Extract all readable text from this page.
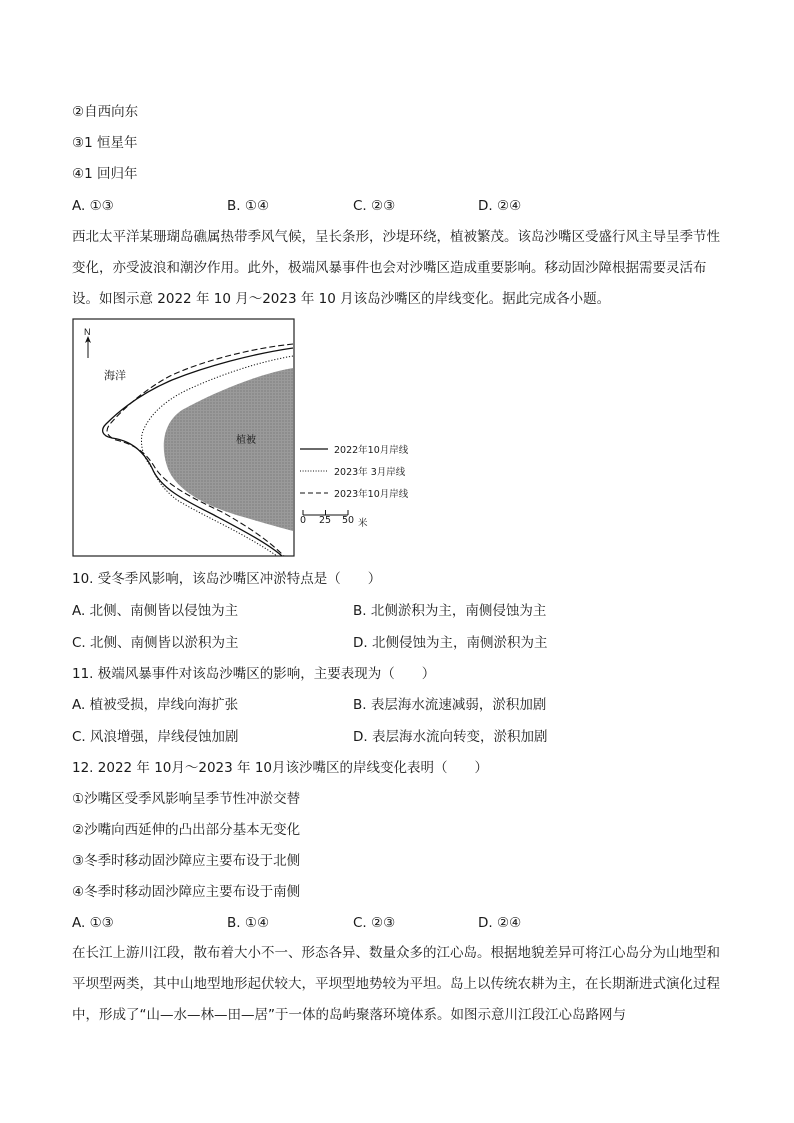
②自西向东
③1 恒星年
④1 回归年
A. ①③	B. ①④	C. ②③	D. ②④
西北太平洋某珊瑚岛礁属热带季风气候，呈长条形，沙堤环绕，植被繁茂。该岛沙嘴区受盛行风主导呈季节性变化，亦受波浪和潮汐作用。此外，极端风暴事件也会对沙嘴区造成重要影响。移动固沙障根据需要灵活布设。如图示意 2022 年 10 月～2023 年 10 月该岛沙嘴区的岸线变化。据此完成各小题。
N
海洋
植被
2022年10月岸线
2023年 3月岸线
2023年10月岸线
0 25 50 米
10. 受冬季风影响，该岛沙嘴区冲淤特点是（　　）
A. 北侧、南侧皆以侵蚀为主	B. 北侧淤积为主，南侧侵蚀为主
C. 北侧、南侧皆以淤积为主	D. 北侧侵蚀为主，南侧淤积为主
11. 极端风暴事件对该岛沙嘴区的影响，主要表现为（　　）
A. 植被受损，岸线向海扩张	B. 表层海水流速减弱，淤积加剧
C. 风浪增强，岸线侵蚀加剧	D. 表层海水流向转变，淤积加剧
12. 2022 年 10月～2023 年 10月该沙嘴区的岸线变化表明（　　）
①沙嘴区受季风影响呈季节性冲淤交替
②沙嘴向西延伸的凸出部分基本无变化
③冬季时移动固沙障应主要布设于北侧
④冬季时移动固沙障应主要布设于南侧
A. ①③	B. ①④	C. ②③	D. ②④
在长江上游川江段，散布着大小不一、形态各异、数量众多的江心岛。根据地貌差异可将江心岛分为山地型和平坝型两类，其中山地型地形起伏较大，平坝型地势较为平坦。岛上以传统农耕为主，在长期渐进式演化过程中，形成了“山—水—林—田—居”于一体的岛屿聚落环境体系。如图示意川江段江心岛路网与
